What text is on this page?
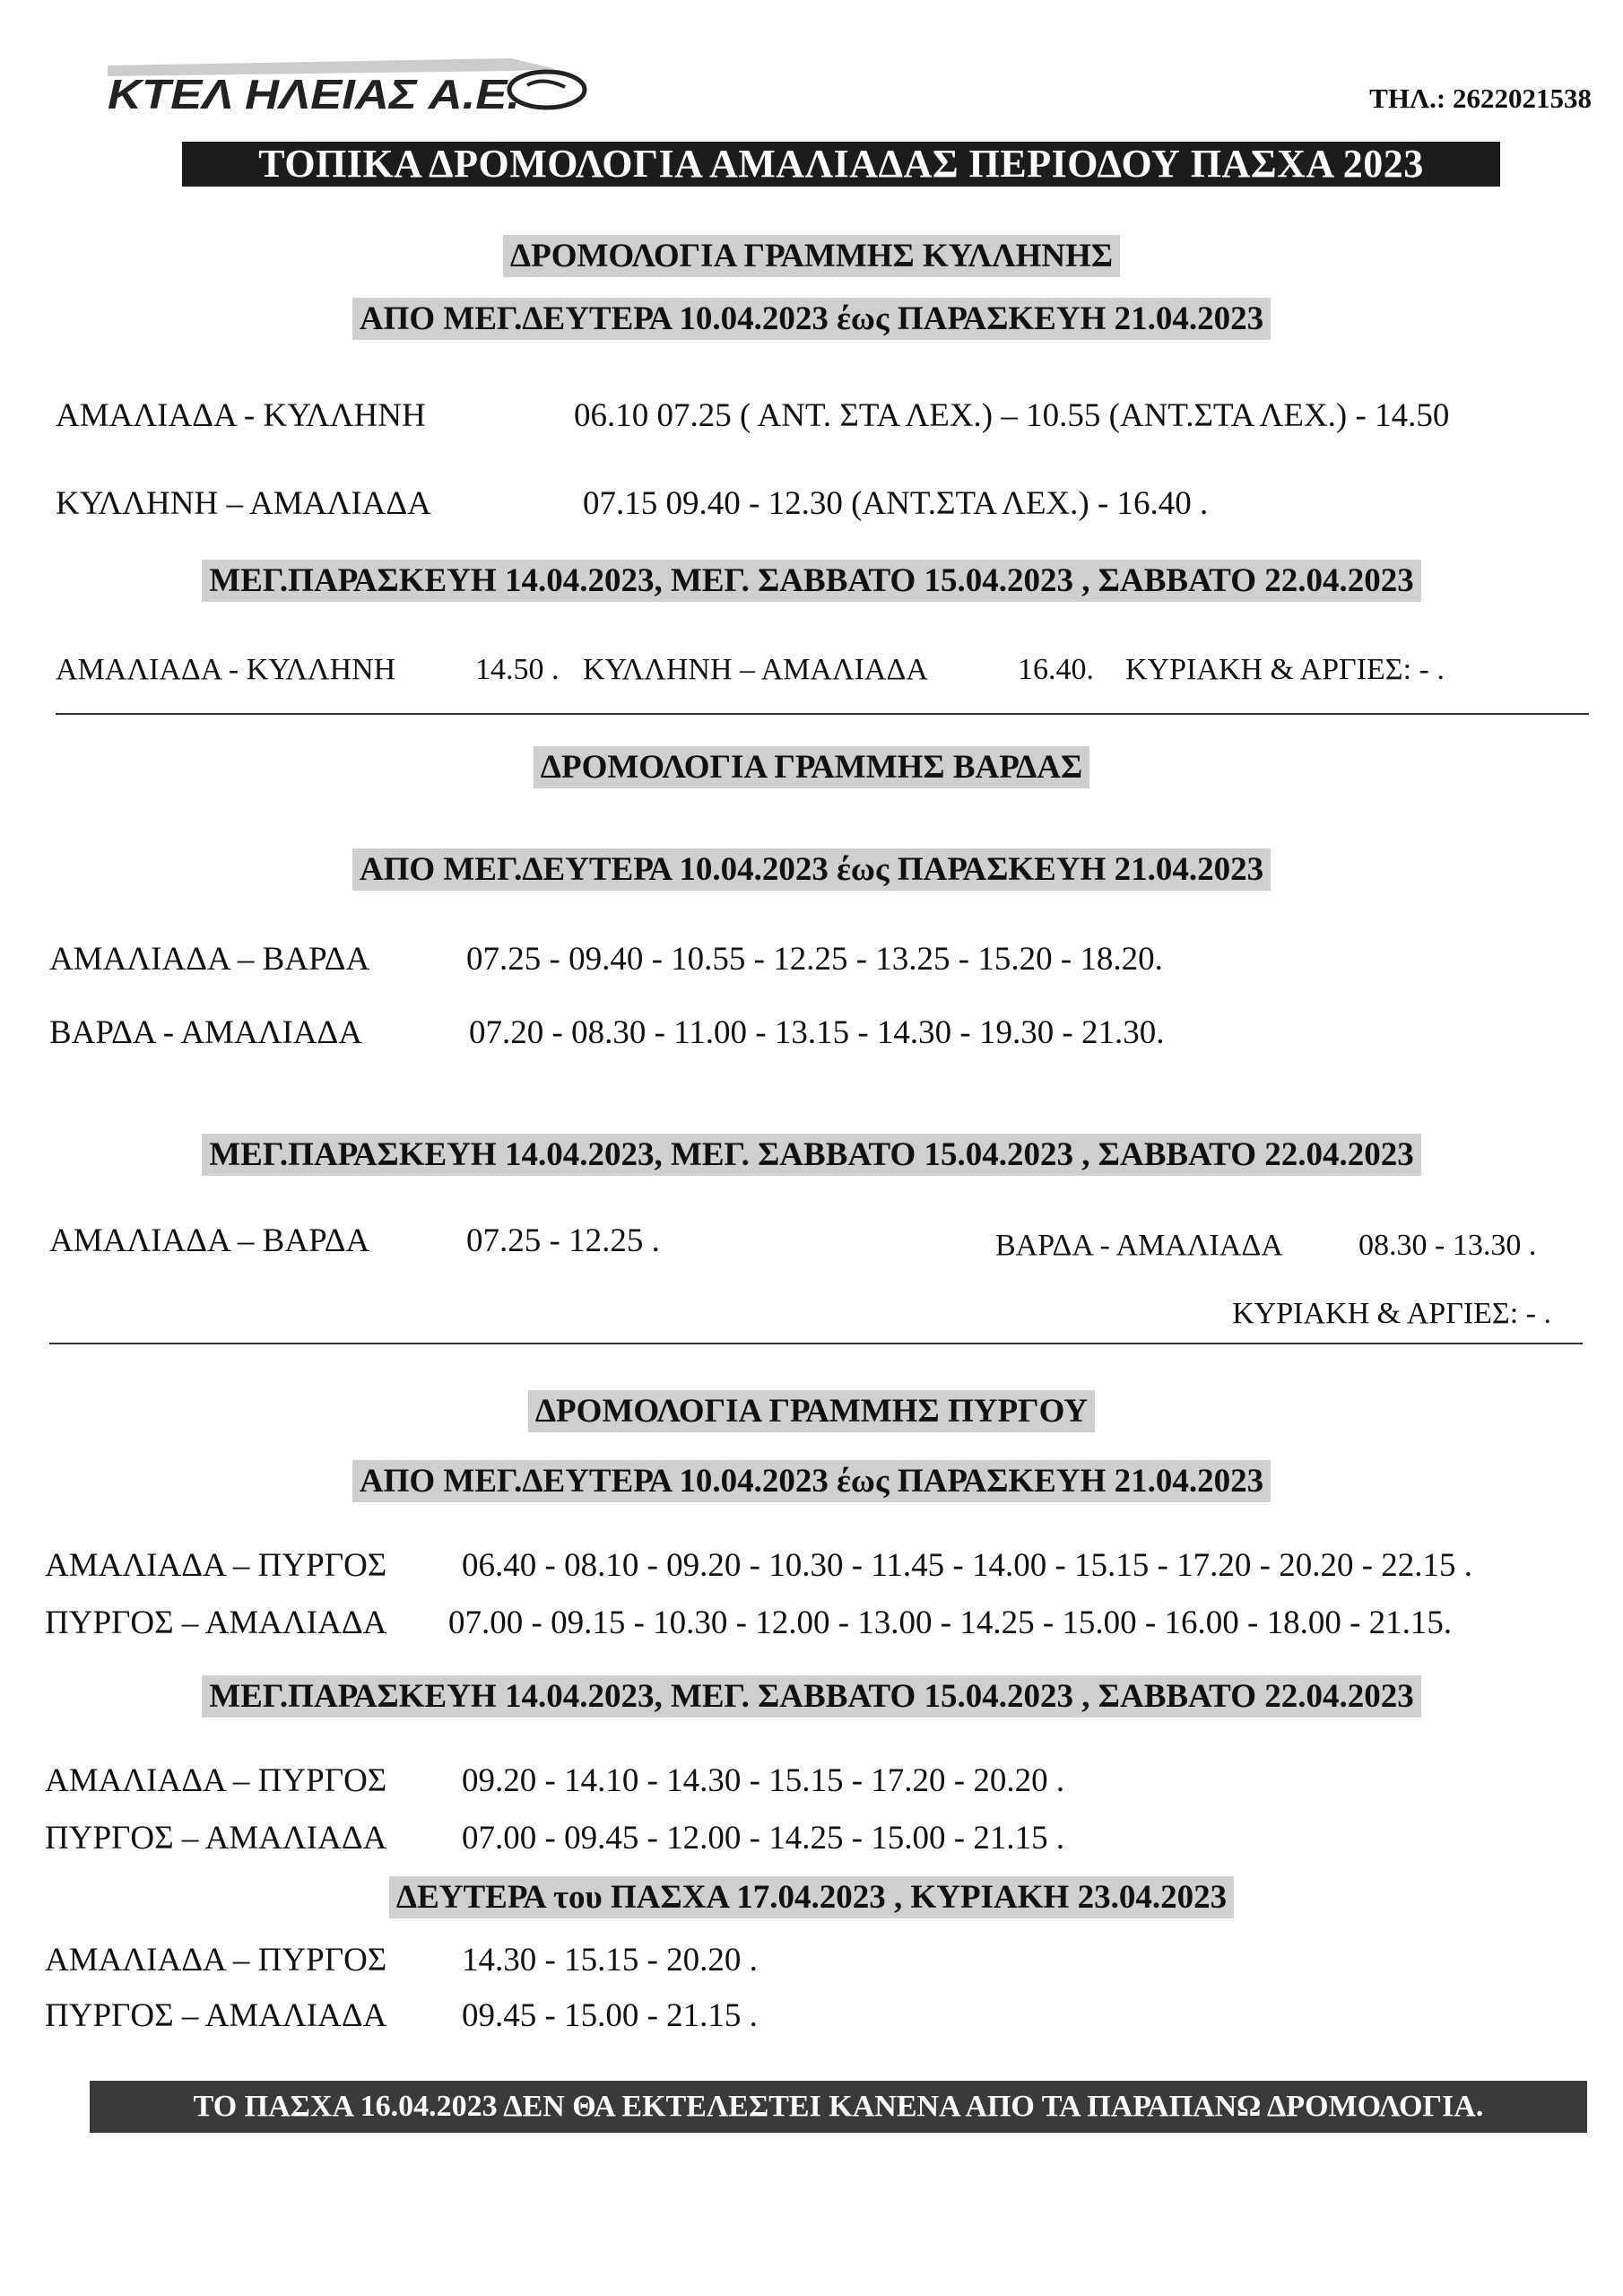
ΚΤΕΛ ΗΛΕΙΑΣ Α.Ε.	ΤΗΛ.: 2622021538
ΤΟΠΙΚΑ ΔΡΟΜΟΛΟΓΙΑ ΑΜΑΛΙΑΔΑΣ ΠΕΡΙΟΔΟΥ ΠΑΣΧΑ 2023
ΔΡΟΜΟΛΟΓΙΑ ΓΡΑΜΜΗΣ ΚΥΛΛΗΝΗΣ
ΑΠΟ ΜΕΓ.ΔΕΥΤΕΡΑ 10.04.2023 έως ΠΑΡΑΣΚΕΥΗ 21.04.2023
ΑΜΑΛΙΑΔΑ - ΚΥΛΛΗΝΗ	06.10 07.25 ( ΑΝΤ. ΣΤΑ ΛΕΧ.) – 10.55 (ΑΝΤ.ΣΤΑ ΛΕΧ.) - 14.50
ΚΥΛΛΗΝΗ – ΑΜΑΛΙΑΔΑ	07.15 09.40 - 12.30 (ΑΝΤ.ΣΤΑ ΛΕΧ.) - 16.40 .
ΜΕΓ.ΠΑΡΑΣΚΕΥΗ 14.04.2023, ΜΕΓ. ΣΑΒΒΑΤΟ 15.04.2023 , ΣΑΒΒΑΤΟ 22.04.2023
ΑΜΑΛΙΑΔΑ - ΚΥΛΛΗΝΗ	14.50 . ΚΥΛΛΗΝΗ – ΑΜΑΛΙΑΔΑ	16.40. ΚΥΡΙΑΚΗ & ΑΡΓΙΕΣ: - .
ΔΡΟΜΟΛΟΓΙΑ ΓΡΑΜΜΗΣ ΒΑΡΔΑΣ
ΑΠΟ ΜΕΓ.ΔΕΥΤΕΡΑ 10.04.2023 έως ΠΑΡΑΣΚΕΥΗ 21.04.2023
ΑΜΑΛΙΑΔΑ – ΒΑΡΔΑ	07.25 - 09.40 - 10.55 - 12.25 - 13.25 - 15.20 - 18.20.
ΒΑΡΔΑ - ΑΜΑΛΙΑΔΑ	07.20 - 08.30 - 11.00 - 13.15 - 14.30 - 19.30 - 21.30.
ΜΕΓ.ΠΑΡΑΣΚΕΥΗ 14.04.2023, ΜΕΓ. ΣΑΒΒΑΤΟ 15.04.2023 , ΣΑΒΒΑΤΟ 22.04.2023
ΑΜΑΛΙΑΔΑ – ΒΑΡΔΑ	07.25 - 12.25 .	ΒΑΡΔΑ - ΑΜΑΛΙΑΔΑ 08.30 - 13.30 .
ΚΥΡΙΑΚΗ & ΑΡΓΙΕΣ: - .
ΔΡΟΜΟΛΟΓΙΑ ΓΡΑΜΜΗΣ ΠΥΡΓΟΥ
ΑΠΟ ΜΕΓ.ΔΕΥΤΕΡΑ 10.04.2023 έως ΠΑΡΑΣΚΕΥΗ 21.04.2023
ΑΜΑΛΙΑΔΑ – ΠΥΡΓΟΣ 06.40 - 08.10 - 09.20 - 10.30 - 11.45 - 14.00 - 15.15 - 17.20 - 20.20 - 22.15 .
ΠΥΡΓΟΣ – ΑΜΑΛΙΑΔΑ 07.00 - 09.15 - 10.30 - 12.00 - 13.00 - 14.25 - 15.00 - 16.00 - 18.00 - 21.15.
ΜΕΓ.ΠΑΡΑΣΚΕΥΗ 14.04.2023, ΜΕΓ. ΣΑΒΒΑΤΟ 15.04.2023 , ΣΑΒΒΑΤΟ 22.04.2023
ΑΜΑΛΙΑΔΑ – ΠΥΡΓΟΣ 09.20 - 14.10 - 14.30 - 15.15 - 17.20 - 20.20 .
ΠΥΡΓΟΣ – ΑΜΑΛΙΑΔΑ 07.00 - 09.45 - 12.00 - 14.25 - 15.00 - 21.15 .
ΔΕΥΤΕΡΑ του ΠΑΣΧΑ 17.04.2023 , ΚΥΡΙΑΚΗ 23.04.2023
ΑΜΑΛΙΑΔΑ – ΠΥΡΓΟΣ 14.30 - 15.15 - 20.20 .
ΠΥΡΓΟΣ – ΑΜΑΛΙΑΔΑ 09.45 - 15.00 - 21.15 .
ΤΟ ΠΑΣΧΑ 16.04.2023 ΔΕΝ ΘΑ ΕΚΤΕΛΕΣΤΕΙ ΚΑΝΕΝΑ ΑΠΟ ΤΑ ΠΑΡΑΠΑΝΩ ΔΡΟΜΟΛΟΓΙΑ.
